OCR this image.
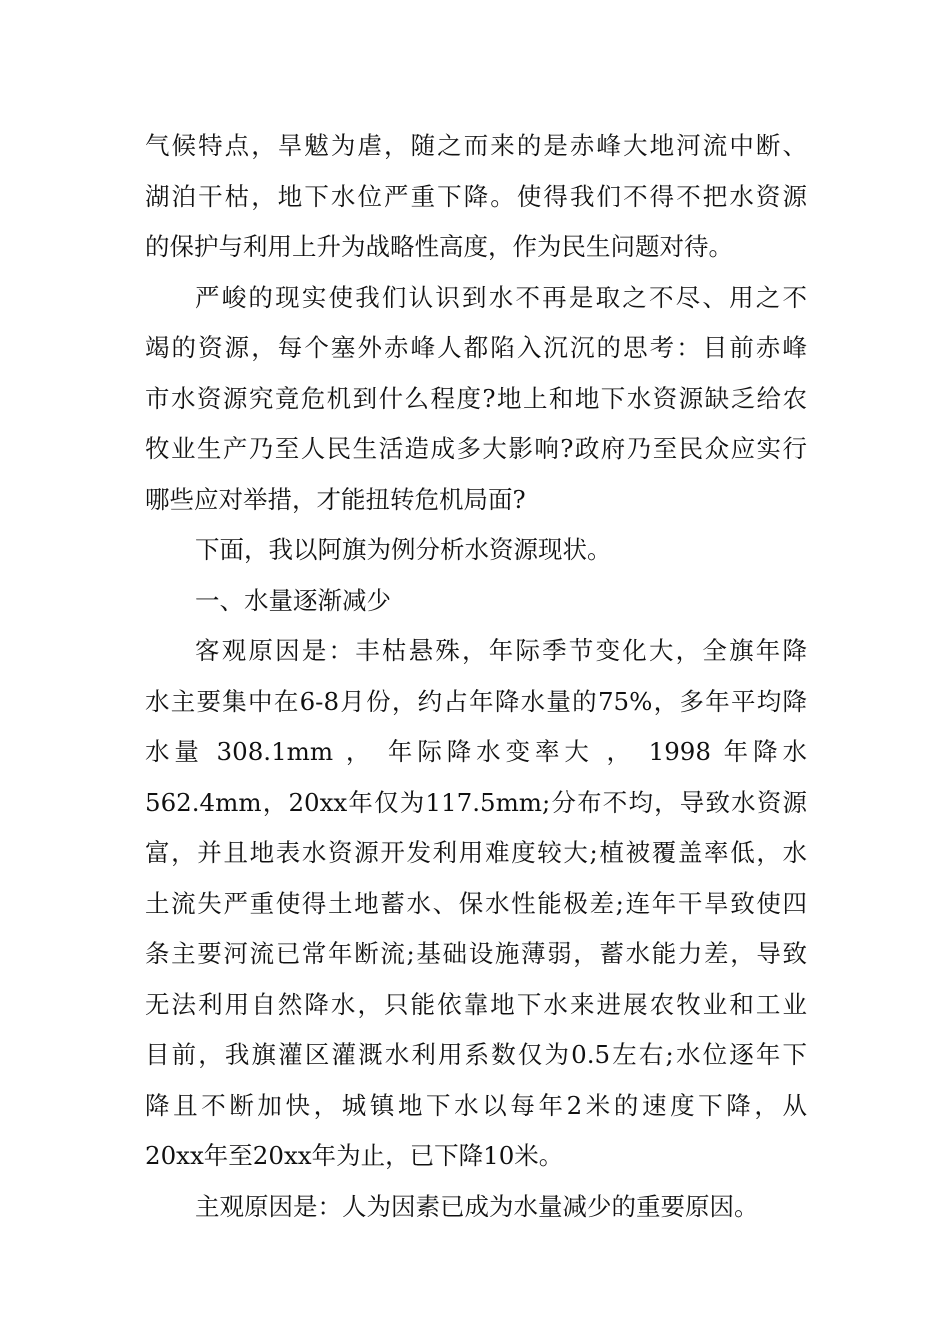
气候特点，旱魃为虐，随之而来的是赤峰大地河流中断、
湖泊干枯，地下水位严重下降。使得我们不得不把水资源
的保护与利用上升为战略性高度，作为民生问题对待。
严峻的现实使我们认识到水不再是取之不尽、用之不
竭的资源，每个塞外赤峰人都陷入沉沉的思考：目前赤峰
市水资源究竟危机到什么程度?地上和地下水资源缺乏给农
牧业生产乃至人民生活造成多大影响?政府乃至民众应实行
哪些应对举措，才能扭转危机局面?
下面，我以阿旗为例分析水资源现状。
一、水量逐渐减少
客观原因是：丰枯悬殊，年际季节变化大，全旗年降
水主要集中在6-8月份，约占年降水量的75%，多年平均降
水量 308.1mm ， 年际降水变率大 ， 1998 年降水
562.4mm，20xx年仅为117.5mm;分布不均，导致水资源
富，并且地表水资源开发利用难度较大;植被覆盖率低，水
土流失严重使得土地蓄水、保水性能极差;连年干旱致使四
条主要河流已常年断流;基础设施薄弱，蓄水能力差，导致
无法利用自然降水，只能依靠地下水来进展农牧业和工业
目前，我旗灌区灌溉水利用系数仅为0.5左右;水位逐年下
降且不断加快，城镇地下水以每年2米的速度下降，从
20xx年至20xx年为止，已下降10米。
主观原因是：人为因素已成为水量减少的重要原因。
